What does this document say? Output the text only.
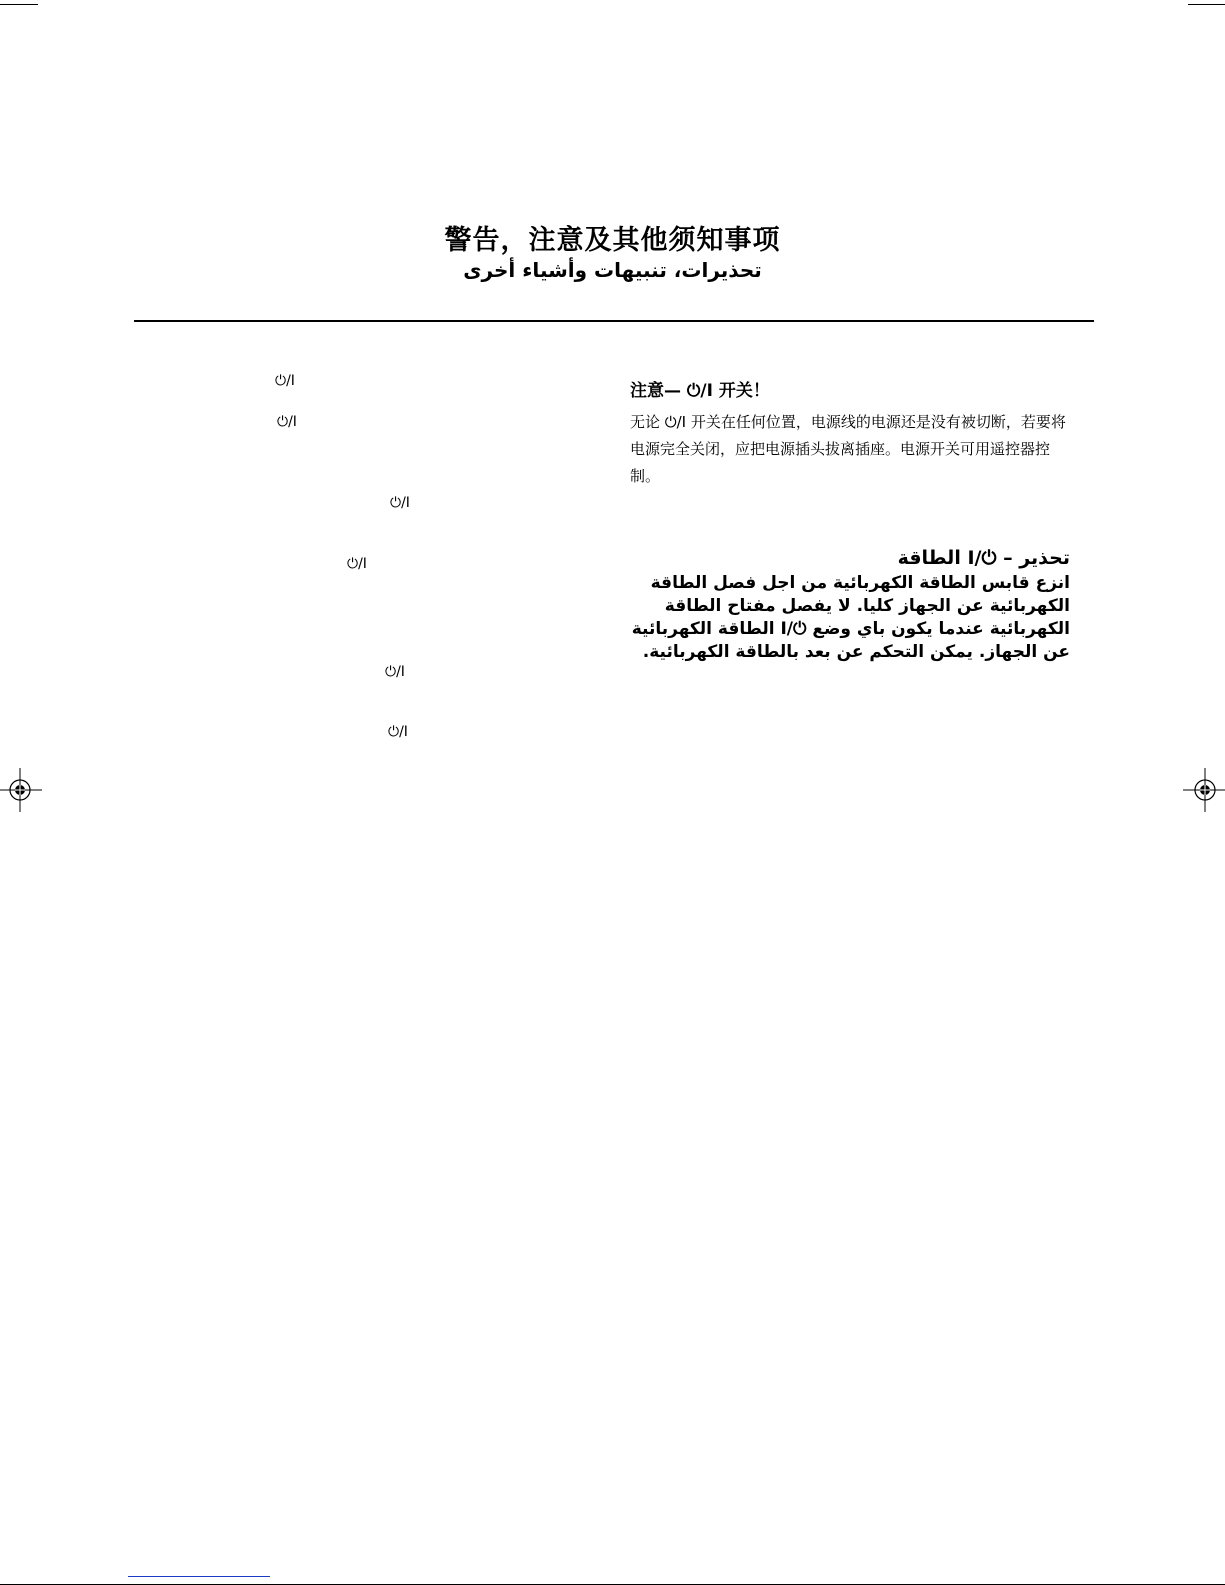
警告，注意及其他须知事项
تحذيرات، تنبيهات وأشياء أخرى
⏻/I
⏻/I
⏻/I
⏻/I
⏻/I
⏻/I
注意— ⏻/I 开关！
无论 ⏻/I 开关在任何位置，电源线的电源还是没有被切断，若要将电源完全关闭，应把电源插头拔离插座。电源开关可用遥控器控制。
تحذير – ⏻/I الطاقة
انزع قابس الطاقة الكهربائية من اجل فصل الطاقة الكهربائية عن الجهاز كليا. لا يفصل مفتاح الطاقة الكهربائية عندما يكون باي وضع ⏻/I الطاقة الكهربائية عن الجهاز. يمكن التحكم عن بعد بالطاقة الكهربائية.
